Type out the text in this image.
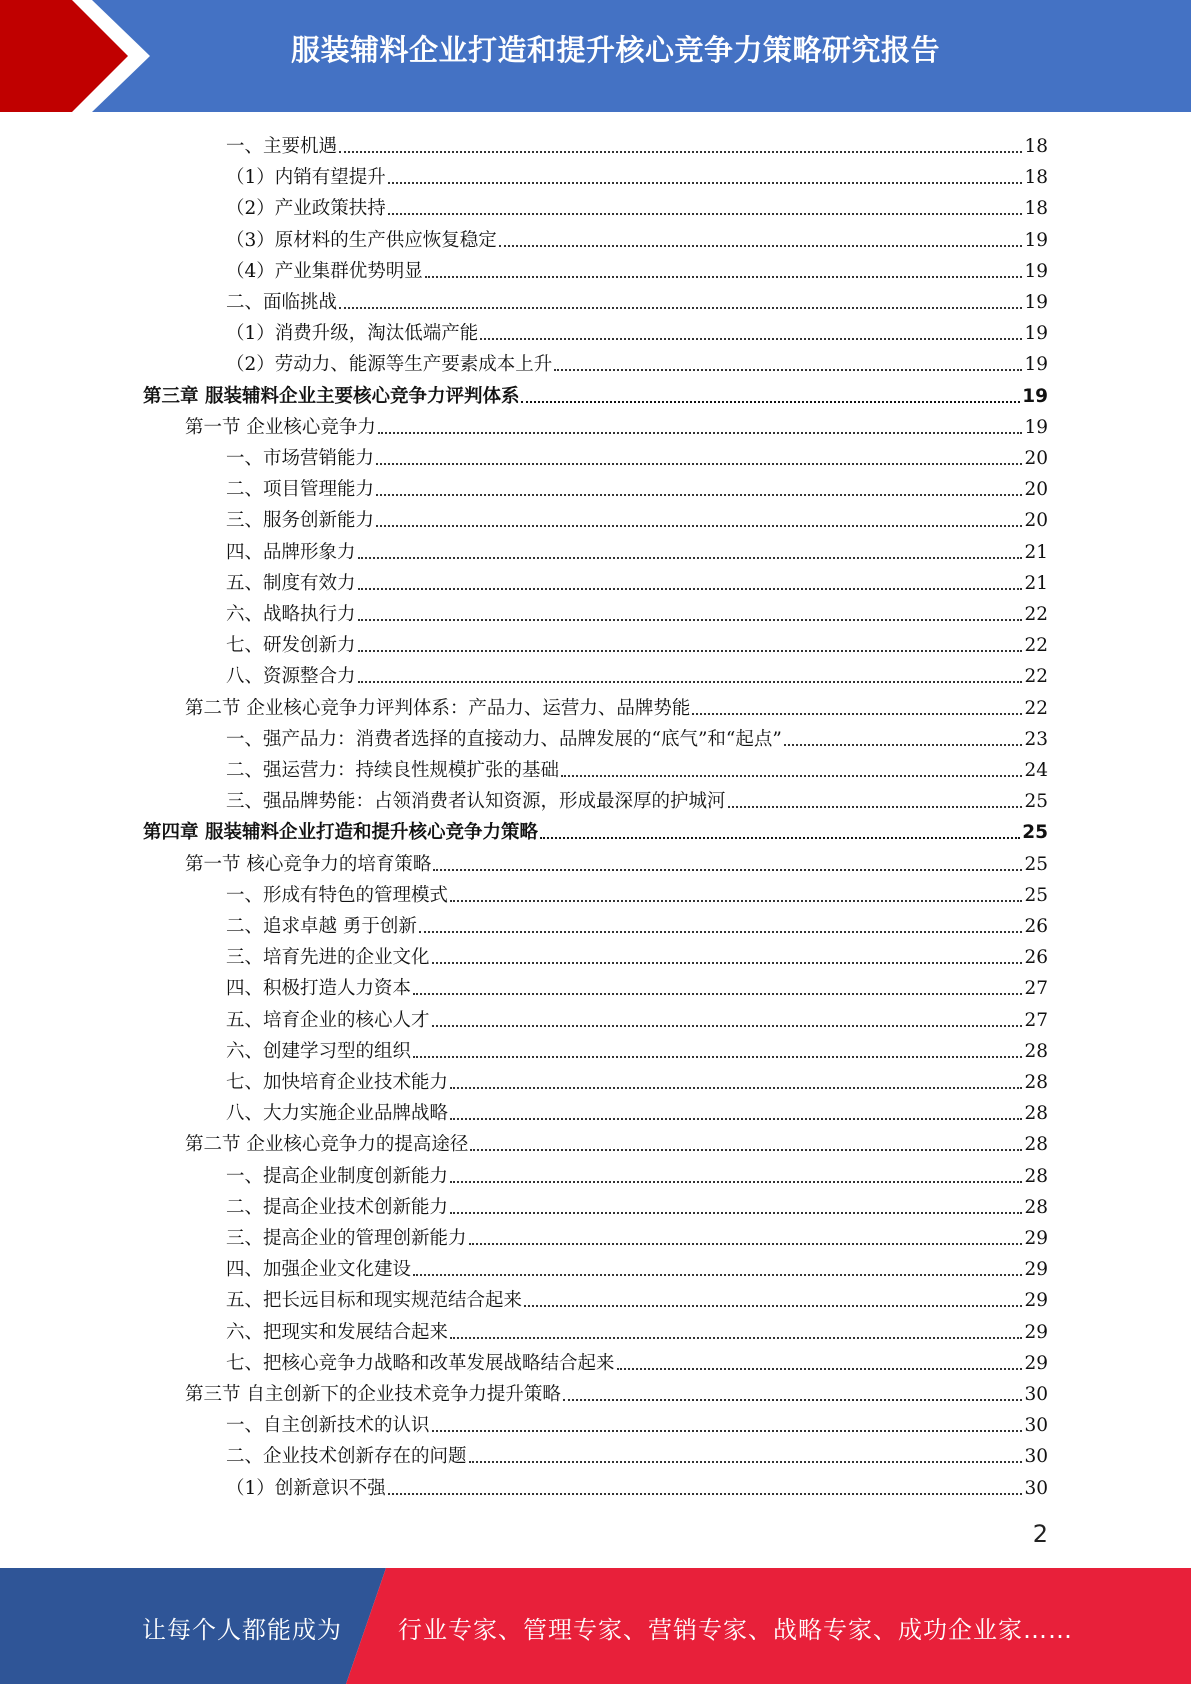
服装辅料企业打造和提升核心竞争力策略研究报告
一、主要机遇	18
（1）内销有望提升	18
（2）产业政策扶持	18
（3）原材料的生产供应恢复稳定	19
（4）产业集群优势明显	19
二、面临挑战	19
（1）消费升级，淘汰低端产能	19
（2）劳动力、能源等生产要素成本上升	19
第三章 服装辅料企业主要核心竞争力评判体系	19
第一节 企业核心竞争力	19
一、市场营销能力	20
二、项目管理能力	20
三、服务创新能力	20
四、品牌形象力	21
五、制度有效力	21
六、战略执行力	22
七、研发创新力	22
八、资源整合力	22
第二节 企业核心竞争力评判体系：产品力、运营力、品牌势能	22
一、强产品力：消费者选择的直接动力、品牌发展的“底气”和“起点”	23
二、强运营力：持续良性规模扩张的基础	24
三、强品牌势能：占领消费者认知资源，形成最深厚的护城河	25
第四章 服装辅料企业打造和提升核心竞争力策略	25
第一节 核心竞争力的培育策略	25
一、形成有特色的管理模式	25
二、追求卓越 勇于创新	26
三、培育先进的企业文化	26
四、积极打造人力资本	27
五、培育企业的核心人才	27
六、创建学习型的组织	28
七、加快培育企业技术能力	28
八、大力实施企业品牌战略	28
第二节 企业核心竞争力的提高途径	28
一、提高企业制度创新能力	28
二、提高企业技术创新能力	28
三、提高企业的管理创新能力	29
四、加强企业文化建设	29
五、把长远目标和现实规范结合起来	29
六、把现实和发展结合起来	29
七、把核心竞争力战略和改革发展战略结合起来	29
第三节 自主创新下的企业技术竞争力提升策略	30
一、自主创新技术的认识	30
二、企业技术创新存在的问题	30
（1）创新意识不强	30
2
让每个人都能成为 行业专家、管理专家、营销专家、战略专家、成功企业家……
